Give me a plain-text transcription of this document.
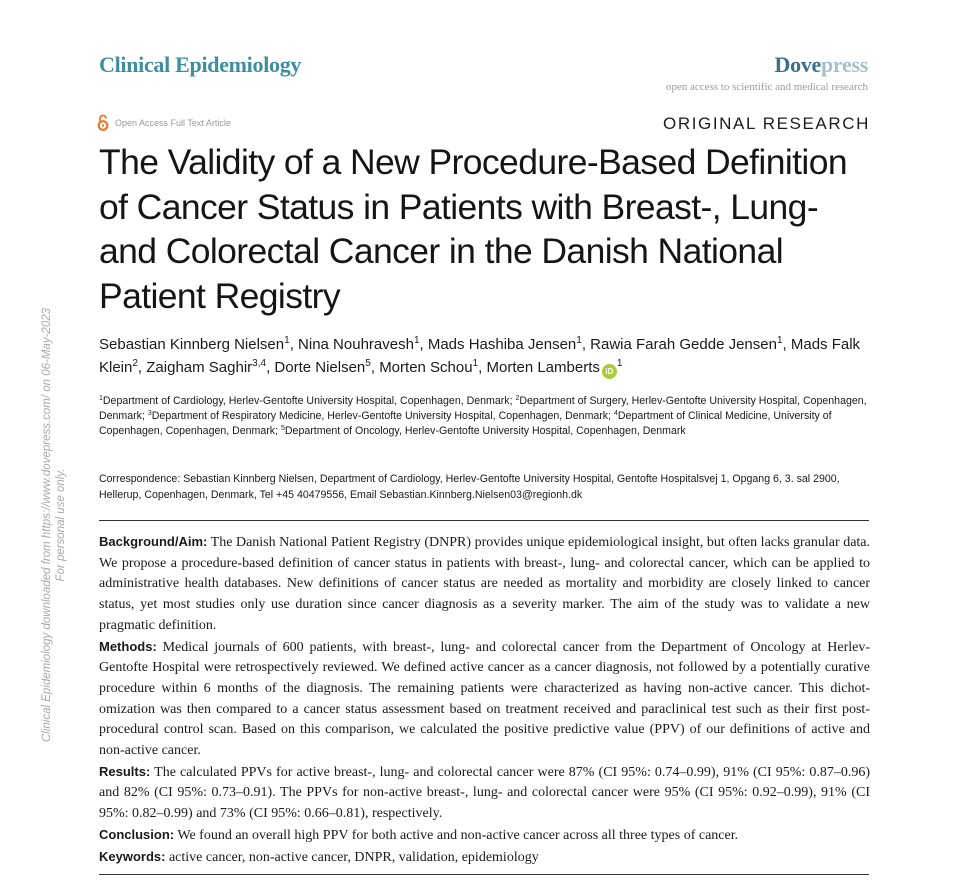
Clinical Epidemiology	Dovepress
open access to scientific and medical research
Open Access Full Text Article	ORIGINAL RESEARCH
The Validity of a New Procedure-Based Definition of Cancer Status in Patients with Breast-, Lung- and Colorectal Cancer in the Danish National Patient Registry
Sebastian Kinnberg Nielsen$^1$, Nina Nouhravesh$^1$, Mads Hashiba Jensen$^1$, Rawia Farah Gedde Jensen$^1$, Mads Falk Klein$^2$, Zaigham Saghir$^{3,4}$, Dorte Nielsen$^5$, Morten Schou$^1$, Morten Lamberts $iD^1$
$^1$Department of Cardiology, Herlev-Gentofte University Hospital, Copenhagen, Denmark; $^2$Department of Surgery, Herlev-Gentofte University Hospital, Copenhagen, Denmark; $^3$Department of Respiratory Medicine, Herlev-Gentofte University Hospital, Copenhagen, Denmark; $^4$Department of Clinical Medicine, University of Copenhagen, Copenhagen, Denmark; $^5$Department of Oncology, Herlev-Gentofte University Hospital, Copenhagen, Denmark
Correspondence: Sebastian Kinnberg Nielsen, Department of Cardiology, Herlev-Gentofte University Hospital, Gentofte Hospitalsvej 1, Opgang 6, 3. sal 2900, Hellerup, Copenhagen, Denmark, Tel +45 40479556, Email Sebastian.Kinnberg.Nielsen03@regionh.dk

Background/Aim: The Danish National Patient Registry (DNPR) provides unique epidemiological insight, but often lacks granular data. We propose a procedure-based definition of cancer status in patients with breast-, lung- and colorectal cancer, which can be applied to administrative health databases. New definitions of cancer status are needed as mortality and morbidity are closely linked to cancer status, yet most studies only use duration since cancer diagnosis as a severity marker. The aim of the study was to validate a new pragmatic definition.

Methods: Medical journals of 600 patients, with breast-, lung- and colorectal cancer from the Department of Oncology at Herlev-Gentofte Hospital were retrospectively reviewed. We defined active cancer as a cancer diagnosis, not followed by a potentially curative procedure within 6 months of the diagnosis. The remaining patients were characterized as having non-active cancer. This dichotomization was then compared to a cancer status assessment based on treatment received and paraclinical test such as their first postprocedural control scan. Based on this comparison, we calculated the positive predictive value (PPV) of our definitions of active and non-active cancer.

Results: The calculated PPVs for active breast-, lung- and colorectal cancer were 87% (CI 95%: 0.74–0.99), 91% (CI 95%: 0.87–0.96) and 82% (CI 95%: 0.73–0.91). The PPVs for non-active breast-, lung- and colorectal cancer were 95% (CI 95%: 0.92–0.99), 91% (CI 95%: 0.82–0.99) and 73% (CI 95%: 0.66–0.81), respectively.

Conclusion: We found an overall high PPV for both active and non-active cancer across all three types of cancer.

Keywords: active cancer, non-active cancer, DNPR, validation, epidemiology

Clinical Epidemiology downloaded from https://www.dovepress.com/ on 06-May-2023 For personal use only.
